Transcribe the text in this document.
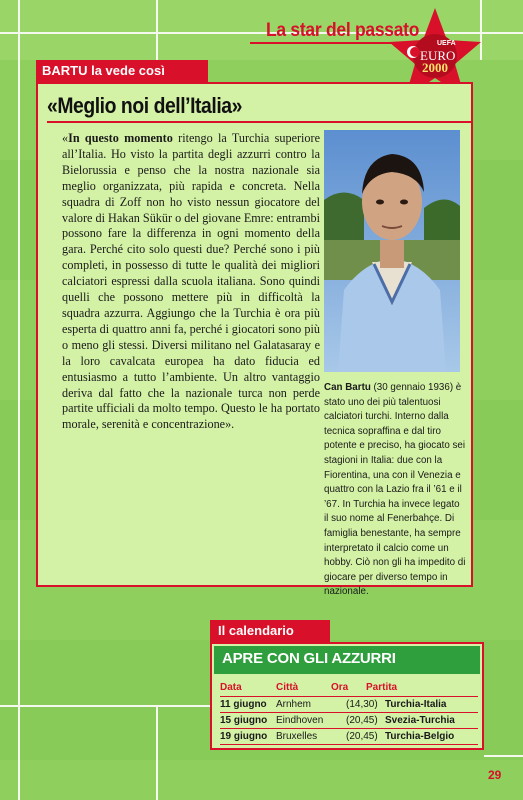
La star del passato
UEFA
EURO
2000
BARTU la vede così
«Meglio noi dell’Italia»
«In questo momento ritengo la Turchia superiore all’Italia. Ho visto la partita degli azzurri contro la Bielorussia e penso che la nostra nazionale sia meglio organizzata, più rapida e concreta. Nella squadra di Zoff non ho visto nessun giocatore del valore di Hakan Sükür o del giovane Emre: entrambi possono fare la differenza in ogni momento della gara. Perché cito solo questi due? Perché sono i più completi, in possesso di tutte le qualità dei migliori calciatori espressi dalla scuola italiana. Sono quindi quelli che possono mettere più in difficoltà la squadra azzurra. Aggiungo che la Turchia è ora più esperta di quattro anni fa, perché i giocatori sono più o meno gli stessi. Diversi militano nel Galatasaray e la loro cavalcata europea ha dato fiducia ed entusiasmo a tutto l’ambiente. Un altro vantaggio deriva dal fatto che la nazionale turca non perde partite ufficiali da molto tempo. Questo le ha portato morale, serenità e concentrazione».
Can Bartu (30 gennaio 1936) è stato uno dei più talentuosi calciatori turchi. Interno dalla tecnica sopraffina e dal tiro potente e preciso, ha giocato sei stagioni in Italia: due con la Fiorentina, una con il Venezia e quattro con la Lazio fra il ’61 e il ’67. In Turchia ha invece legato il suo nome al Fenerbahçe. Di famiglia benestante, ha sempre interpretato il calcio come un hobby. Ciò non gli ha impedito di giocare per diverso tempo in nazionale.
Il calendario
APRE CON GLI AZZURRI
Data	Città	Ora Partita
11 giugno Arnhem	(14,30) Turchia-Italia
15 giugno Eindhoven (20,45) Svezia-Turchia
19 giugno Bruxelles	(20,45) Turchia-Belgio
29
